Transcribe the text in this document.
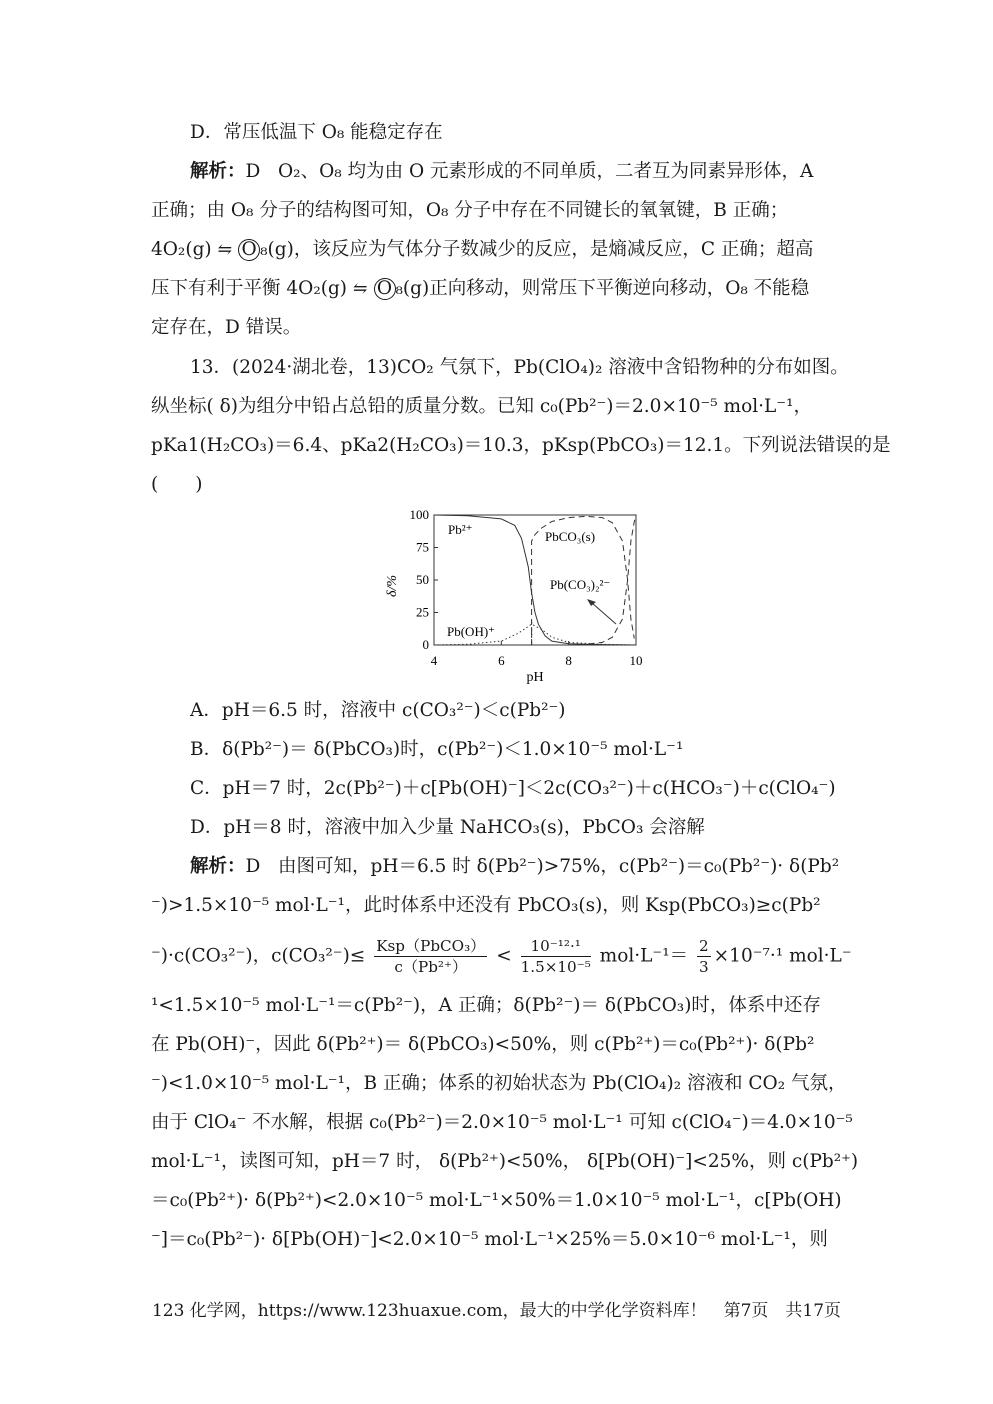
D．常压低温下 O₈ 能稳定存在
解析：D O₂、O₈ 均为由 O 元素形成的不同单质，二者互为同素异形体，A
正确；由 O₈ 分子的结构图可知，O₈ 分子中存在不同键长的氧氧键，B 正确；
4O₂(g) ⇋ O ₈(g)，该反应为气体分子数减少的反应，是熵减反应，C 正确；超高
压下有利于平衡 4O₂(g) ⇋ O ₈(g)正向移动，则常压下平衡逆向移动，O₈ 不能稳
定存在，D 错误。
13．(2024·湖北卷，13)CO₂ 气氛下，Pb(ClO₄)₂ 溶液中含铅物种的分布如图。
纵坐标( δ)为组分中铅占总铅的质量分数。已知 c₀(Pb²⁻)＝2.0×10⁻⁵ mol·L⁻¹，
pKa1(H₂CO₃)＝6.4、pKa2(H₂CO₃)＝10.3，pKsp(PbCO₃)＝12.1。下列说法错误的是
(　　)
4	6	8	10
0
25
50
75
100
δ/%
pH
Pb²⁺
Pb(OH)⁺
PbCO₃(s)
Pb(CO₃)₂²⁻
A．pH＝6.5 时，溶液中 c(CO₃²⁻)＜c(Pb²⁻)
B．δ(Pb²⁻)＝ δ(PbCO₃)时，c(Pb²⁻)＜1.0×10⁻⁵ mol·L⁻¹
C．pH＝7 时，2c(Pb²⁻)＋c[Pb(OH)⁻]＜2c(CO₃²⁻)＋c(HCO₃⁻)＋c(ClO₄⁻)
D．pH＝8 时，溶液中加入少量 NaHCO₃(s)，PbCO₃ 会溶解
解析：D 由图可知，pH＝6.5 时 δ(Pb²⁻)>75%，c(Pb²⁻)＝c₀(Pb²⁻)· δ(Pb²
⁻)>1.5×10⁻⁵ mol·L⁻¹，此时体系中还没有 PbCO₃(s)，则 Ksp(PbCO₃)≥c(Pb²
⁻)·c(CO₃²⁻)，$c(CO_3^{2-})\le \frac{\text{Ksp（PbCO₃）}}{\text{c（Pb²⁺）}} < \frac{\text{10⁻¹²·¹}}{\text{1.5×10⁻⁵}} mol\cdot L^{-1}= \frac{2}{3} \times 10^{-7}\cdot^1$ mol·L⁻
¹<1.5×10⁻⁵ mol·L⁻¹＝c(Pb²⁻)，A 正确；δ(Pb²⁻)＝ δ(PbCO₃)时，体系中还存
在 Pb(OH)⁻，因此 δ(Pb²⁺)＝ δ(PbCO₃)<50%，则 c(Pb²⁺)＝c₀(Pb²⁺)· δ(Pb²
⁻)<1.0×10⁻⁵ mol·L⁻¹，B 正确；体系的初始状态为 Pb(ClO₄)₂ 溶液和 CO₂ 气氛，
由于 ClO₄⁻ 不水解，根据 c₀(Pb²⁻)＝2.0×10⁻⁵ mol·L⁻¹ 可知 c(ClO₄⁻)＝4.0×10⁻⁵
mol·L⁻¹，读图可知，pH＝7 时， δ(Pb²⁺)<50%， δ[Pb(OH)⁻]<25%，则 c(Pb²⁺)
＝c₀(Pb²⁺)· δ(Pb²⁺)<2.0×10⁻⁵ mol·L⁻¹×50%＝1.0×10⁻⁵ mol·L⁻¹，c[Pb(OH)
⁻]＝c₀(Pb²⁻)· δ[Pb(OH)⁻]<2.0×10⁻⁵ mol·L⁻¹×25%＝5.0×10⁻⁶ mol·L⁻¹，则
123 化学网，https://www.123huaxue.com，最大的中学化学资料库！　第7页　共17页
